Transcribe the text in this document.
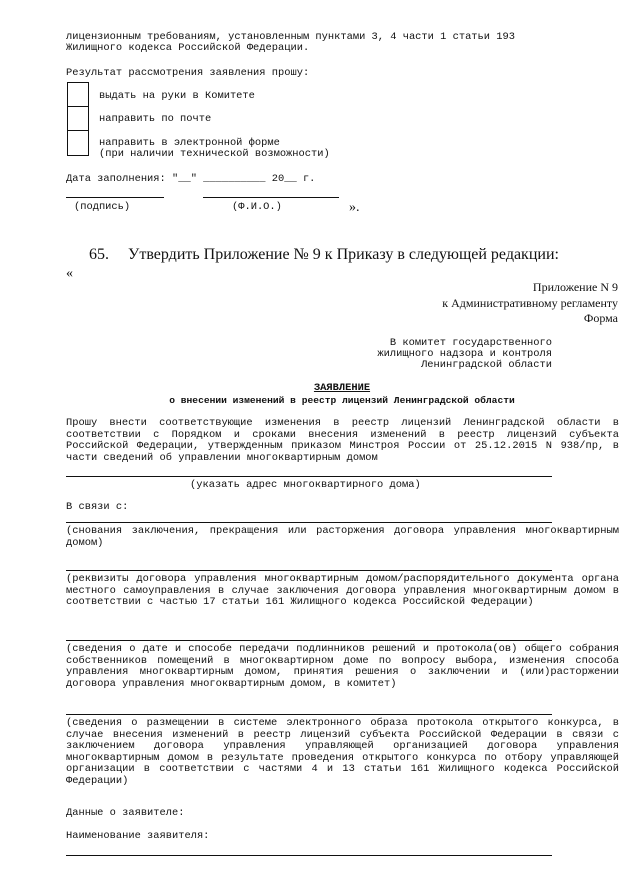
лицензионным требованиям, установленным пунктами 3, 4 части 1 статьи 193
Жилищного кодекса Российской Федерации.
Результат рассмотрения заявления прошу:
выдать на руки в Комитете
направить по почте
направить в электронной форме
(при наличии технической возможности)
Дата заполнения: "__" __________ 20__ г.
(подпись)	(Ф.И.О.)	».
65. Утвердить Приложение № 9 к Приказу в следующей редакции:
«
Приложение N 9
к Административному регламенту
Форма
В комитет государственного
жилищного надзора и контроля
Ленинградской области
ЗАЯВЛЕНИЕ
о внесении изменений в реестр лицензий Ленинградской области
Прошу внести соответствующие изменения в реестр лицензий Ленинградской области в соответствии с Порядком и сроками внесения изменений в реестр лицензий субъекта Российской Федерации, утвержденным приказом Минстроя России от 25.12.2015 N 938/пр, в части сведений об управлении многоквартирным домом
(указать адрес многоквартирного дома)
В связи с:
(снования заключения, прекращения или расторжения договора управления многоквартирным домом)
(реквизиты договора управления многоквартирным домом/распорядительного документа органа местного самоуправления в случае заключения договора управления многоквартирным домом в соответствии с частью 17 статьи 161 Жилищного кодекса Российской Федерации)
(сведения о дате и способе передачи подлинников решений и протокола(ов) общего собрания собственников помещений в многоквартирном доме по вопросу выбора, изменения способа управления многоквартирным домом, принятия решения о заключении и (или)расторжении договора управления многоквартирным домом, в комитет)
(сведения о размещении в системе электронного образа протокола открытого конкурса, в случае внесения изменений в реестр лицензий субъекта Российской Федерации в связи с заключением договора управления управляющей организацией договора управления многоквартирным домом в результате проведения открытого конкурса по отбору управляющей организации в соответствии с частями 4 и 13 статьи 161 Жилищного кодекса Российской Федерации)
Данные о заявителе:
Наименование заявителя:
